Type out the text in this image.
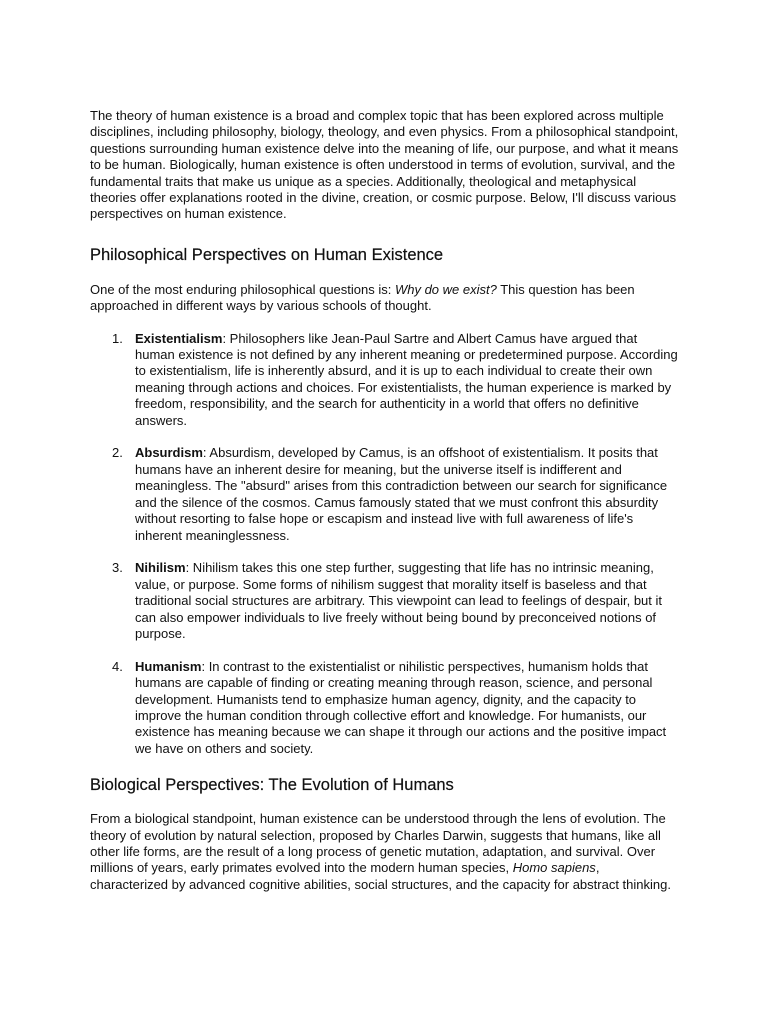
The theory of human existence is a broad and complex topic that has been explored across multiple disciplines, including philosophy, biology, theology, and even physics. From a philosophical standpoint, questions surrounding human existence delve into the meaning of life, our purpose, and what it means to be human. Biologically, human existence is often understood in terms of evolution, survival, and the fundamental traits that make us unique as a species. Additionally, theological and metaphysical theories offer explanations rooted in the divine, creation, or cosmic purpose. Below, I'll discuss various perspectives on human existence.

Philosophical Perspectives on Human Existence

One of the most enduring philosophical questions is: Why do we exist? This question has been approached in different ways by various schools of thought.

1. Existentialism: Philosophers like Jean-Paul Sartre and Albert Camus have argued that human existence is not defined by any inherent meaning or predetermined purpose. According to existentialism, life is inherently absurd, and it is up to each individual to create their own meaning through actions and choices. For existentialists, the human experience is marked by freedom, responsibility, and the search for authenticity in a world that offers no definitive answers.

2. Absurdism: Absurdism, developed by Camus, is an offshoot of existentialism. It posits that humans have an inherent desire for meaning, but the universe itself is indifferent and meaningless. The "absurd" arises from this contradiction between our search for significance and the silence of the cosmos. Camus famously stated that we must confront this absurdity without resorting to false hope or escapism and instead live with full awareness of life's inherent meaninglessness.

3. Nihilism: Nihilism takes this one step further, suggesting that life has no intrinsic meaning, value, or purpose. Some forms of nihilism suggest that morality itself is baseless and that traditional social structures are arbitrary. This viewpoint can lead to feelings of despair, but it can also empower individuals to live freely without being bound by preconceived notions of purpose.

4. Humanism: In contrast to the existentialist or nihilistic perspectives, humanism holds that humans are capable of finding or creating meaning through reason, science, and personal development. Humanists tend to emphasize human agency, dignity, and the capacity to improve the human condition through collective effort and knowledge. For humanists, our existence has meaning because we can shape it through our actions and the positive impact we have on others and society.

Biological Perspectives: The Evolution of Humans

From a biological standpoint, human existence can be understood through the lens of evolution. The theory of evolution by natural selection, proposed by Charles Darwin, suggests that humans, like all other life forms, are the result of a long process of genetic mutation, adaptation, and survival. Over millions of years, early primates evolved into the modern human species, Homo sapiens, characterized by advanced cognitive abilities, social structures, and the capacity for abstract thinking.
